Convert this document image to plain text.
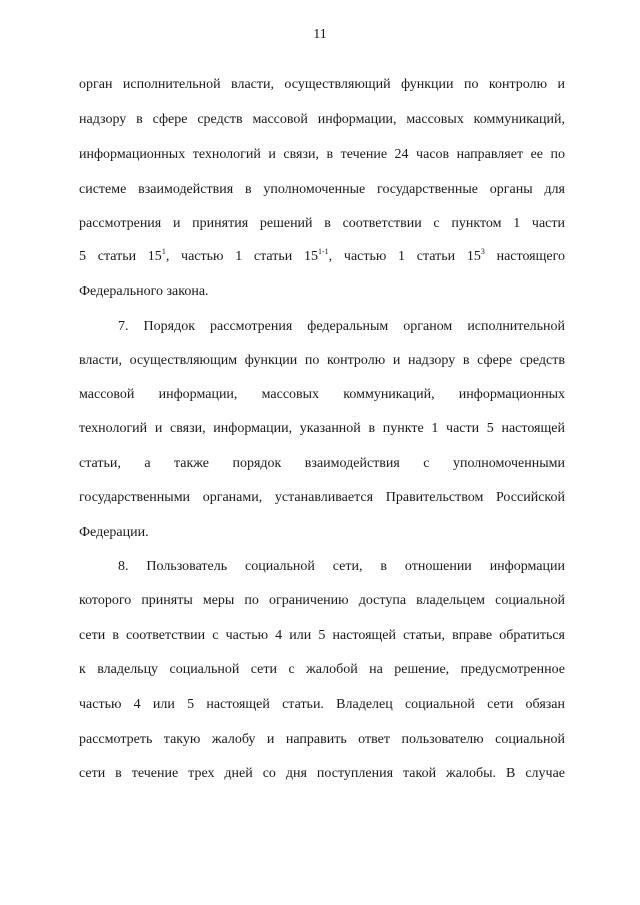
11
орган исполнительной власти, осуществляющий функции по контролю и
надзору в сфере средств массовой информации, массовых коммуникаций,
информационных технологий и связи, в течение 24 часов направляет ее по
системе взаимодействия в уполномоченные государственные органы для
рассмотрения и принятия решений в соответствии с пунктом 1 части
5 статьи $15^1$, частью 1 статьи 15$^{1-1}$, частью 1 статьи $15^3$ настоящего
Федерального закона.
7. Порядок рассмотрения федеральным органом исполнительной
власти, осуществляющим функции по контролю и надзору в сфере средств
массовой информации, массовых коммуникаций, информационных
технологий и связи, информации, указанной в пункте 1 части 5 настоящей
статьи, а также порядок взаимодействия с уполномоченными
государственными органами, устанавливается Правительством Российской
Федерации.
8. Пользователь социальной сети, в отношении информации
которого приняты меры по ограничению доступа владельцем социальной
сети в соответствии с частью 4 или 5 настоящей статьи, вправе обратиться
к владельцу социальной сети с жалобой на решение, предусмотренное
частью 4 или 5 настоящей статьи. Владелец социальной сети обязан
рассмотреть такую жалобу и направить ответ пользователю социальной
сети в течение трех дней со дня поступления такой жалобы. В случае
